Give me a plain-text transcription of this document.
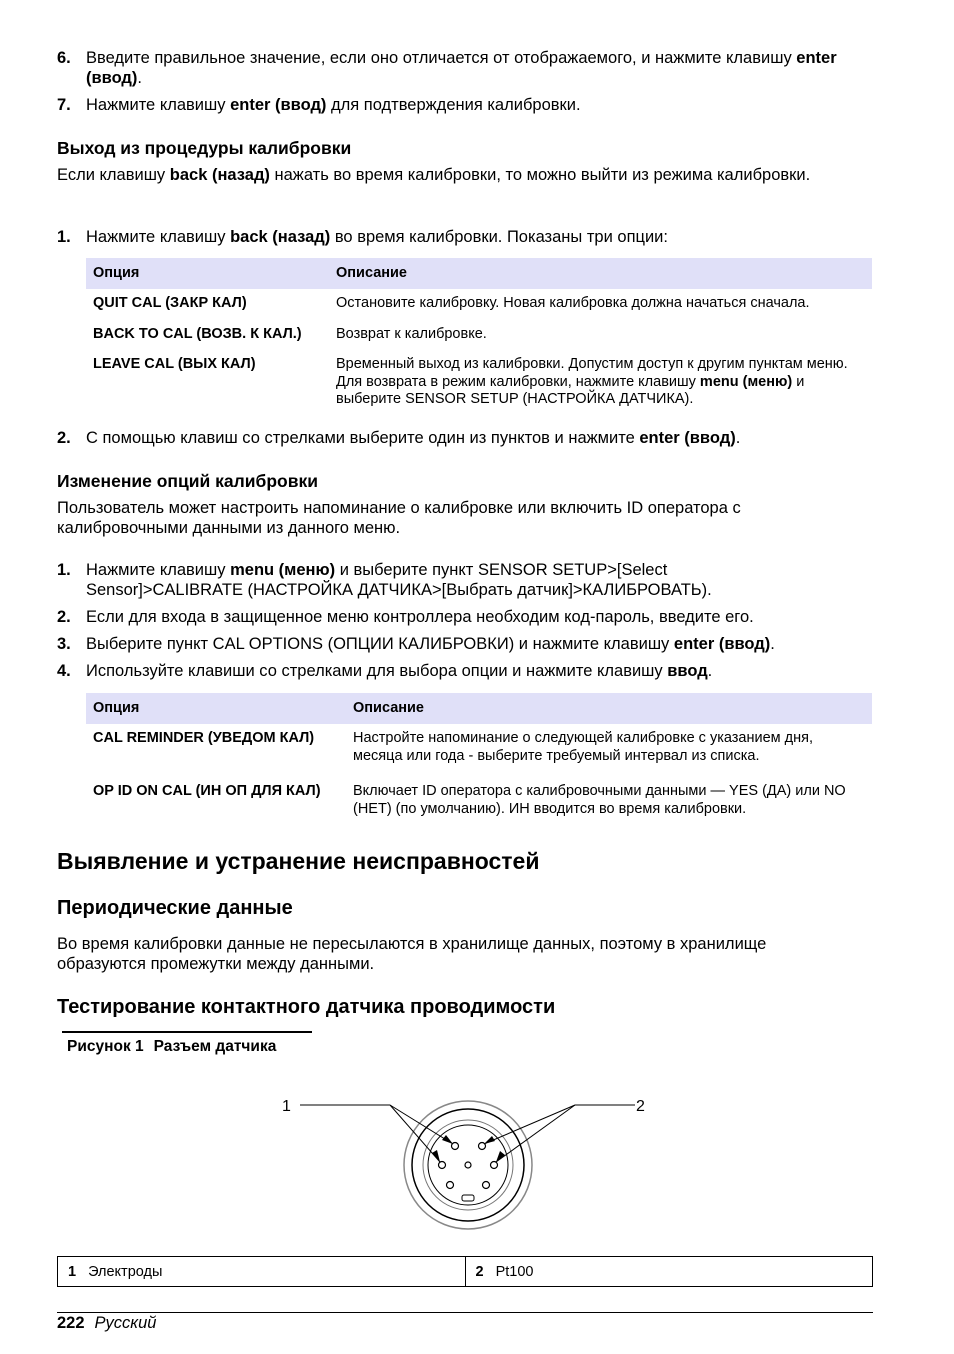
6. Введите правильное значение, если оно отличается от отображаемого, и нажмите клавишу enter (ввод).
7. Нажмите клавишу enter (ввод) для подтверждения калибровки.
Выход из процедуры калибровки
Если клавишу back (назад) нажать во время калибровки, то можно выйти из режима калибровки.
1. Нажмите клавишу back (назад) во время калибровки. Показаны три опции:
Опция	Описание
QUIT CAL (ЗАКР КАЛ)	Остановите калибровку. Новая калибровка должна начаться сначала.
BACK TO CAL (ВОЗВ. К КАЛ.)	Возврат к калибровке.
LEAVE CAL (ВЫХ КАЛ)	Временный выход из калибровки. Допустим доступ к другим пунктам меню. Для возврата в режим калибровки, нажмите клавишу menu (меню) и выберите SENSOR SETUP (НАСТРОЙКА ДАТЧИКА).
2. С помощью клавиш со стрелками выберите один из пунктов и нажмите enter (ввод).
Изменение опций калибровки
Пользователь может настроить напоминание о калибровке или включить ID оператора с калибровочными данными из данного меню.
1. Нажмите клавишу menu (меню) и выберите пункт SENSOR SETUP>[Select Sensor]>CALIBRATE (НАСТРОЙКА ДАТЧИКА>[Выбрать датчик]>КАЛИБРОВАТЬ).
2. Если для входа в защищенное меню контроллера необходим код-пароль, введите его.
3. Выберите пункт CAL OPTIONS (ОПЦИИ КАЛИБРОВКИ) и нажмите клавишу enter (ввод).
4. Используйте клавиши со стрелками для выбора опции и нажмите клавишу ввод.
Опция	Описание
CAL REMINDER (УВЕДОМ КАЛ)	Настройте напоминание о следующей калибровке с указанием дня, месяца или года - выберите требуемый интервал из списка.
OP ID ON CAL (ИН ОП ДЛЯ КАЛ)	Включает ID оператора с калибровочными данными — YES (ДА) или NO (НЕТ) (по умолчанию). ИН вводится во время калибровки.
Выявление и устранение неисправностей
Периодические данные
Во время калибровки данные не пересылаются в хранилище данных, поэтому в хранилище образуются промежутки между данными.
Тестирование контактного датчика проводимости
Рисунок 1 Разъем датчика
1	2
1 Электроды	2 Pt100
222 Русский
